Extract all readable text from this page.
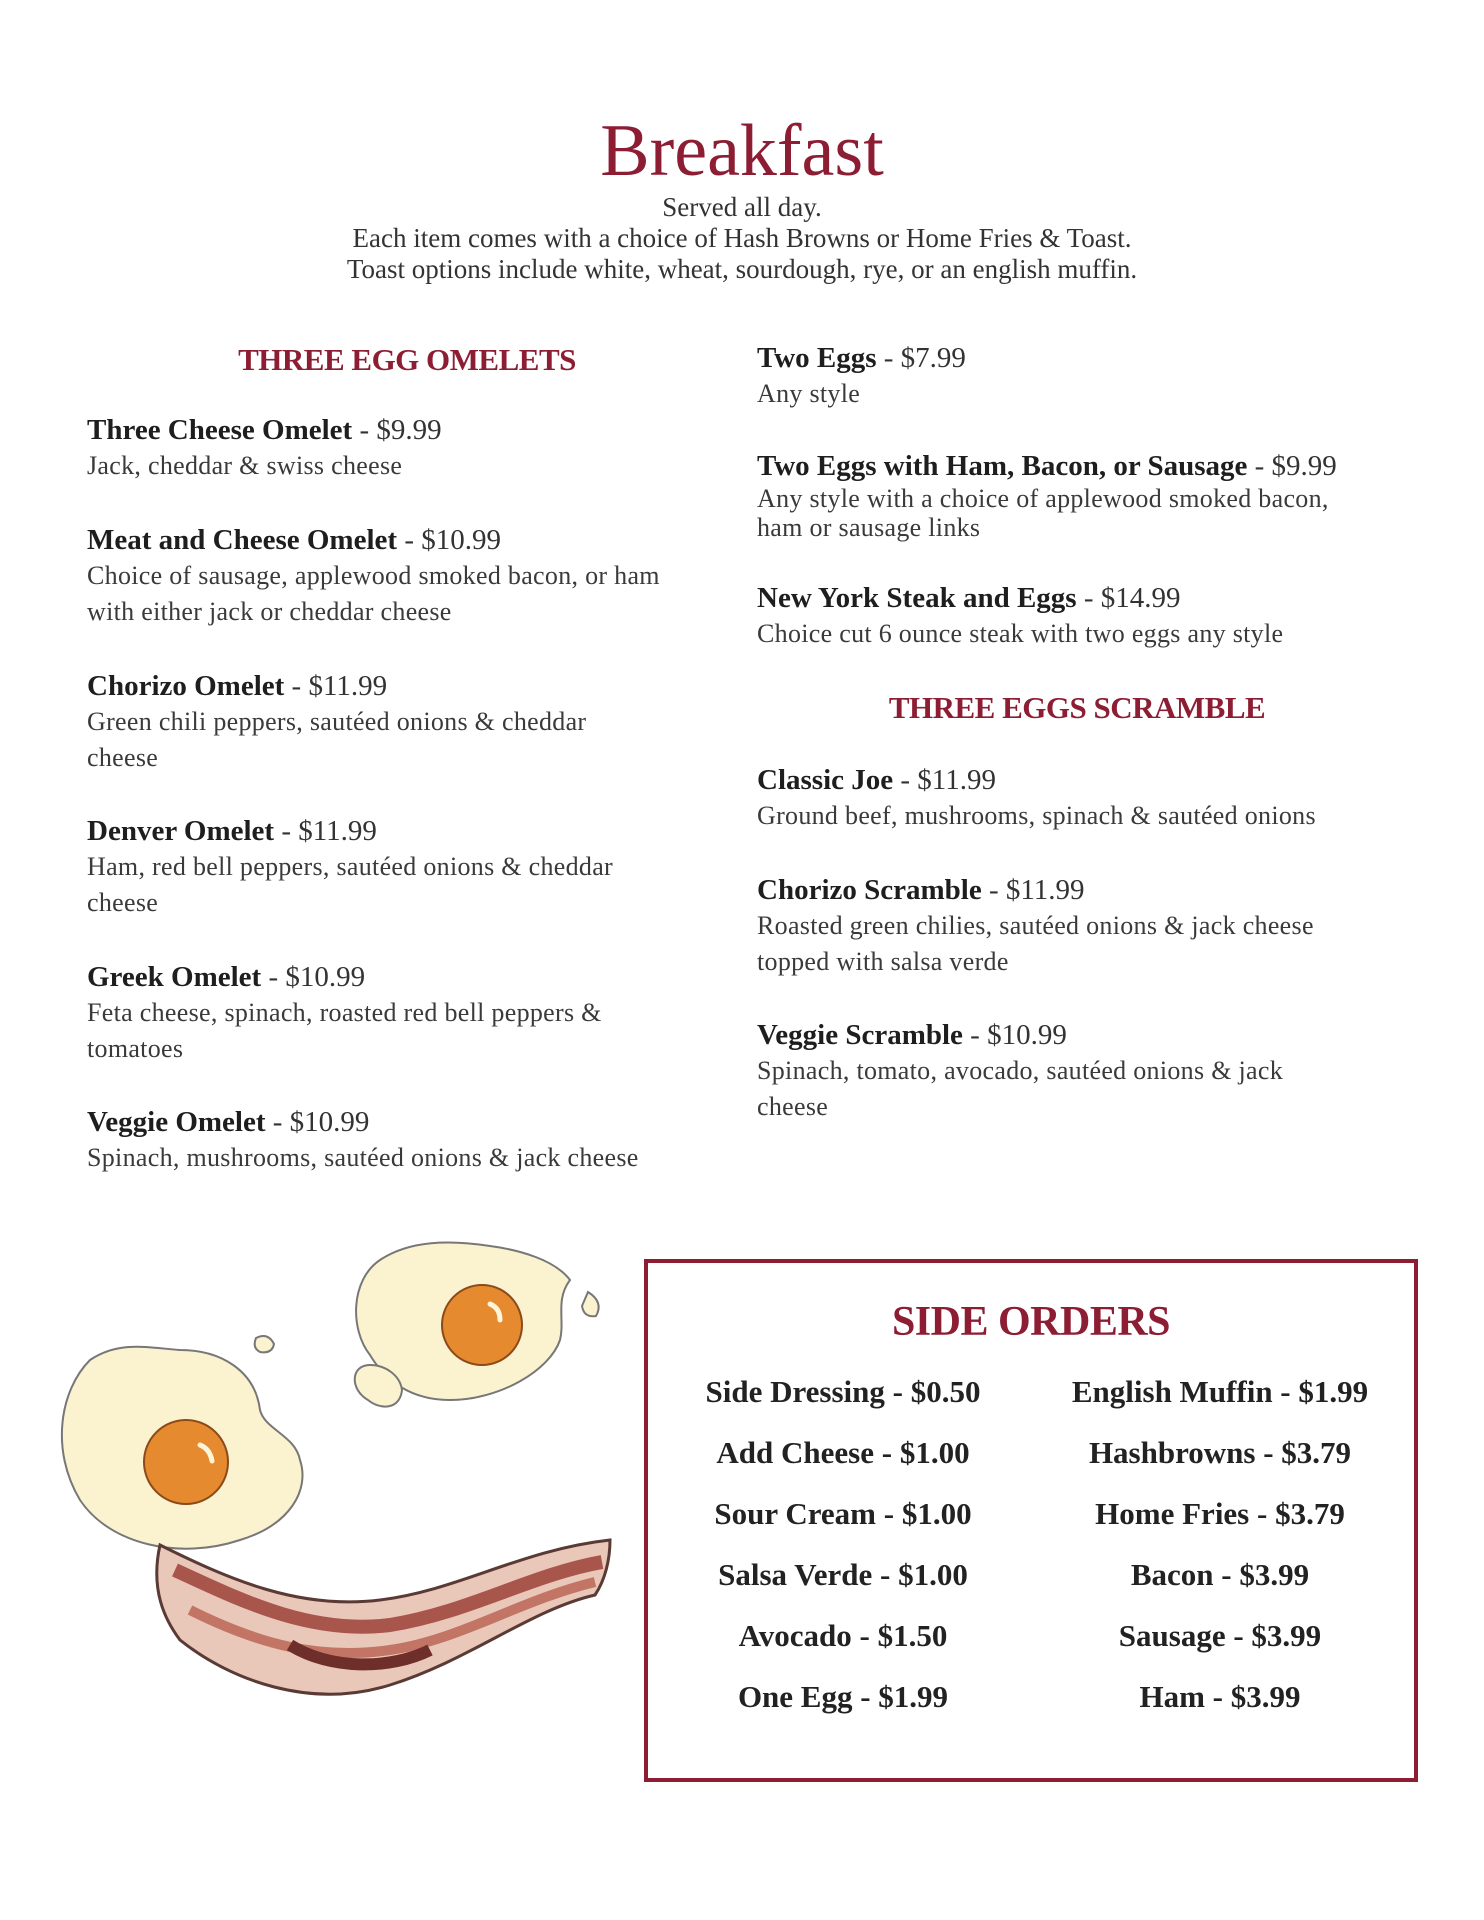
Breakfast
Served all day.
Each item comes with a choice of Hash Browns or Home Fries & Toast.
Toast options include white, wheat, sourdough, rye, or an english muffin.
THREE EGG OMELETS
Three Cheese Omelet - $9.99
Jack, cheddar & swiss cheese
Meat and Cheese Omelet - $10.99
Choice of sausage, applewood smoked bacon, or ham
with either jack or cheddar cheese
Chorizo Omelet - $11.99
Green chili peppers, sautéed onions & cheddar
cheese
Denver Omelet - $11.99
Ham, red bell peppers, sautéed onions & cheddar
cheese
Greek Omelet - $10.99
Feta cheese, spinach, roasted red bell peppers &
tomatoes
Veggie Omelet - $10.99
Spinach, mushrooms, sautéed onions & jack cheese
Two Eggs - $7.99
Any style
Two Eggs with Ham, Bacon, or Sausage - $9.99
Any style with a choice of applewood smoked bacon,
ham or sausage links
New York Steak and Eggs - $14.99
Choice cut 6 ounce steak with two eggs any style
THREE EGGS SCRAMBLE
Classic Joe - $11.99
Ground beef, mushrooms, spinach & sautéed onions
Chorizo Scramble - $11.99
Roasted green chilies, sautéed onions & jack cheese
topped with salsa verde
Veggie Scramble - $10.99
Spinach, tomato, avocado, sautéed onions & jack
cheese
SIDE ORDERS
Side Dressing - $0.50
Add Cheese - $1.00
Sour Cream - $1.00
Salsa Verde - $1.00
Avocado - $1.50
One Egg - $1.99
English Muffin - $1.99
Hashbrowns - $3.79
Home Fries - $3.79
Bacon - $3.99
Sausage - $3.99
Ham - $3.99
